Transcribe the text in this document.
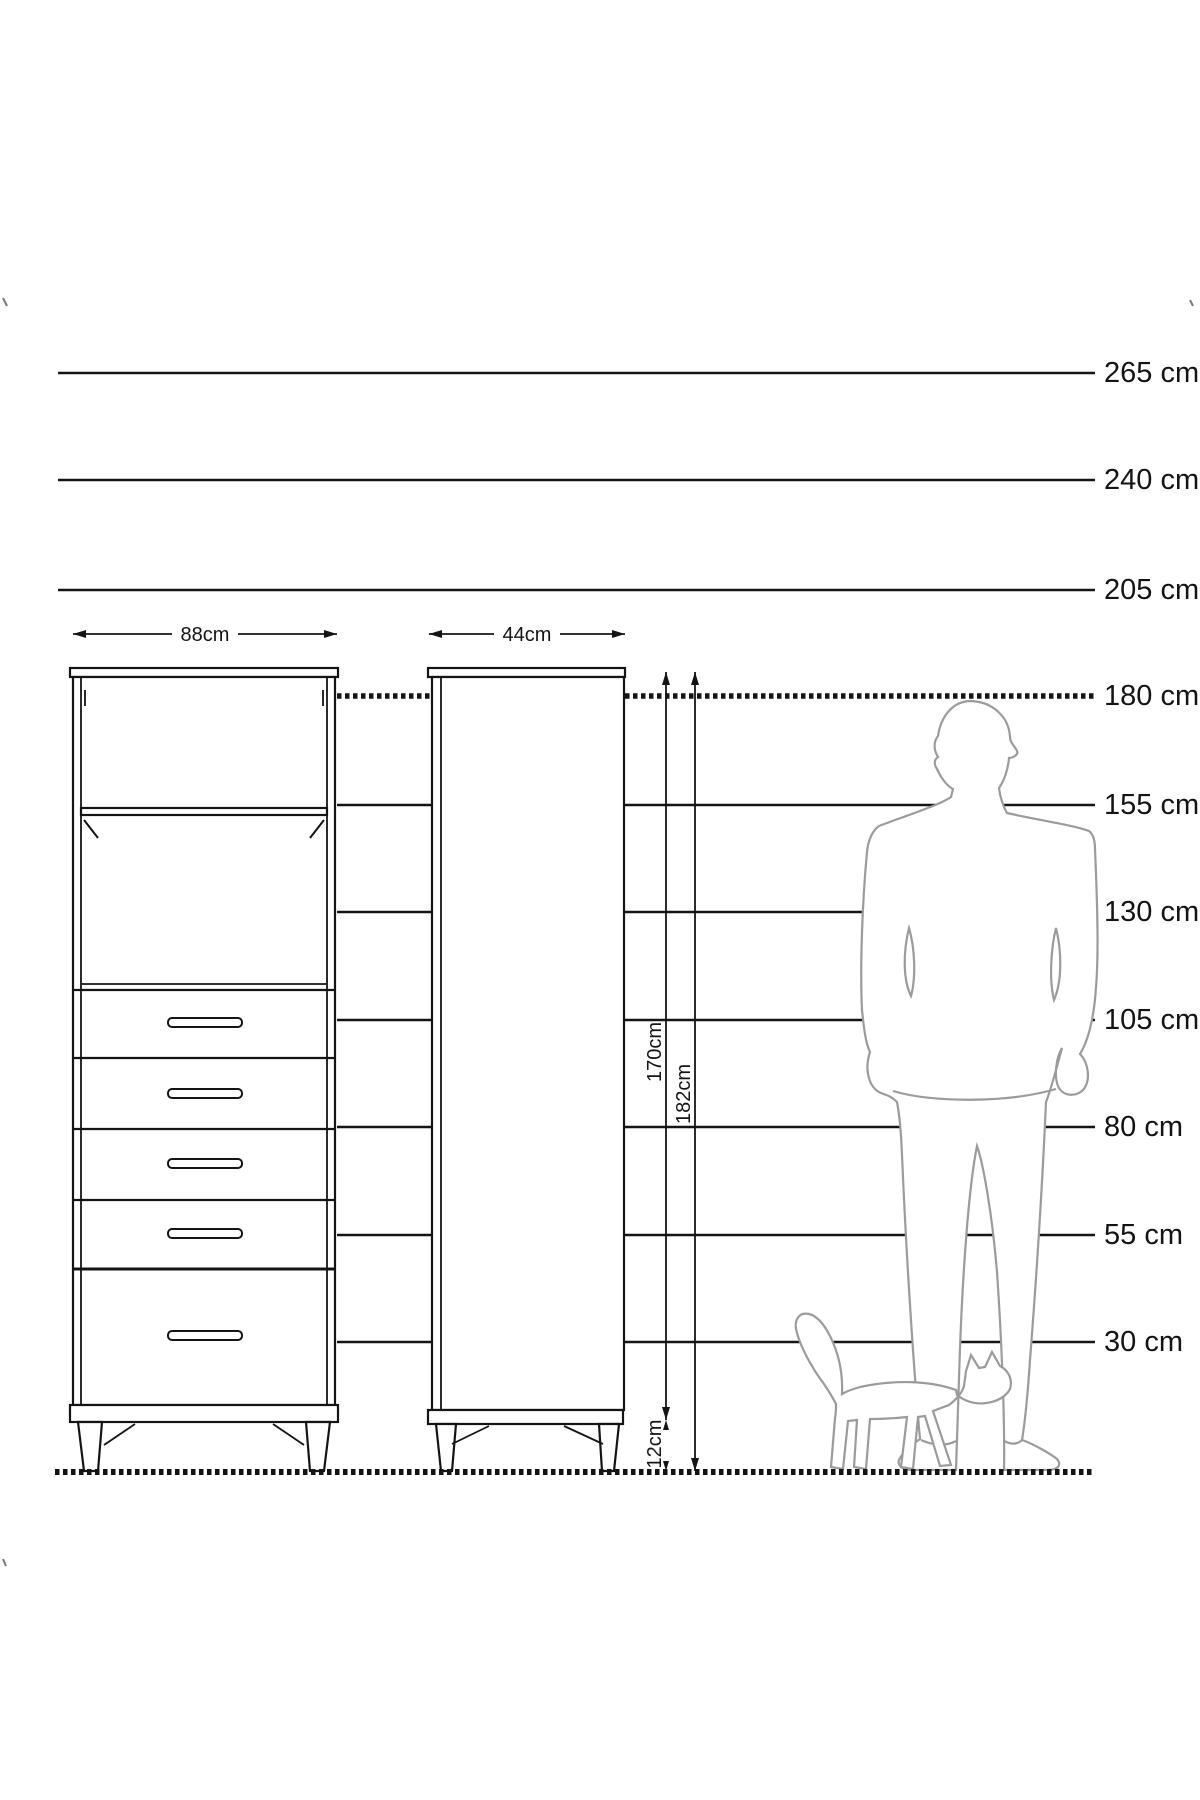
265 cm
240 cm
205 cm
180 cm
155 cm
130 cm
105 cm
80 cm
55 cm
30 cm
88cm	44cm
170cm
182cm
12cm
